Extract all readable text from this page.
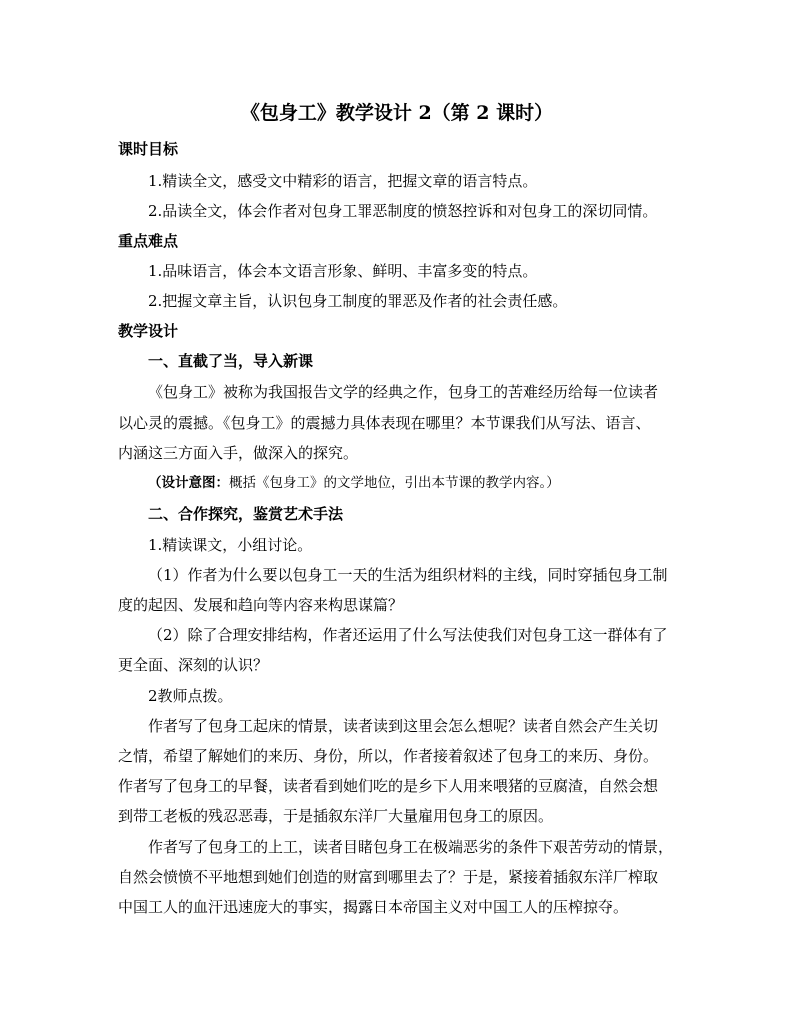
《包身工》教学设计 2（第 2 课时）
课时目标
1.精读全文，感受文中精彩的语言，把握文章的语言特点。
2.品读全文，体会作者对包身工罪恶制度的愤怒控诉和对包身工的深切同情。
重点难点
1.品味语言，体会本文语言形象、鲜明、丰富多变的特点。
2.把握文章主旨，认识包身工制度的罪恶及作者的社会责任感。
教学设计
一、直截了当，导入新课
《包身工》被称为我国报告文学的经典之作，包身工的苦难经历给每一位读者
以心灵的震撼。《包身工》的震撼力具体表现在哪里？本节课我们从写法、语言、
内涵这三方面入手，做深入的探究。
（设计意图：概括《包身工》的文学地位，引出本节课的教学内容。）
二、合作探究，鉴赏艺术手法
1.精读课文，小组讨论。
（1）作者为什么要以包身工一天的生活为组织材料的主线，同时穿插包身工制
度的起因、发展和趋向等内容来构思谋篇？
（2）除了合理安排结构，作者还运用了什么写法使我们对包身工这一群体有了
更全面、深刻的认识？
2教师点拨。
作者写了包身工起床的情景，读者读到这里会怎么想呢？读者自然会产生关切
之情，希望了解她们的来历、身份，所以，作者接着叙述了包身工的来历、身份。
作者写了包身工的早餐，读者看到她们吃的是乡下人用来喂猪的豆腐渣，自然会想
到带工老板的残忍恶毒，于是插叙东洋厂大量雇用包身工的原因。
作者写了包身工的上工，读者目睹包身工在极端恶劣的条件下艰苦劳动的情景，
自然会愤愤不平地想到她们创造的财富到哪里去了？于是，紧接着插叙东洋厂榨取
中国工人的血汗迅速庞大的事实，揭露日本帝国主义对中国工人的压榨掠夺。
